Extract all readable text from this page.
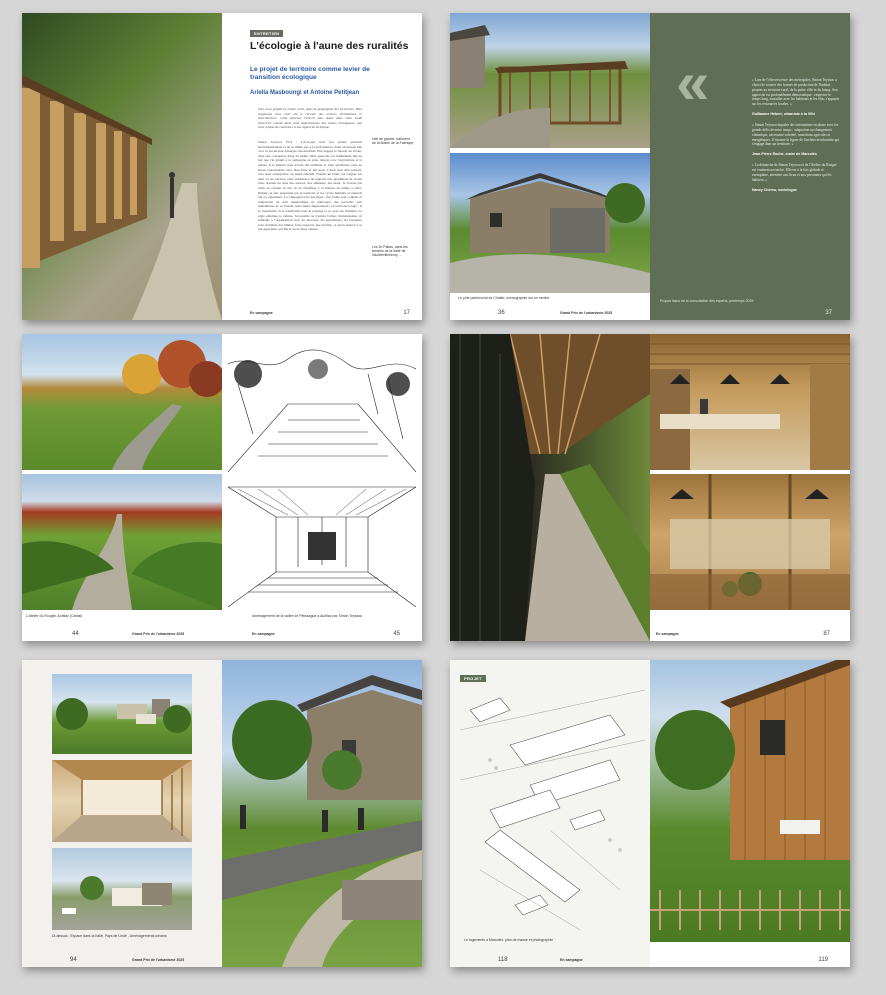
ENTRETIEN
L'écologie à l'aune des ruralités
Le projet de territoire comme levier de transition écologique
Ariella Masboungi et Antoine Petitjean
Vous avez grandi en milieu rural, dans la géographie des territoires. Bien longtemps vous avez été à l'écoute des acteurs d'urbanisme et d'architecture. Cette entrevue s'inscrit sans doute dans votre mode d'exercice comme dans votre appréhension des enjeux écologiques, que vous refusez de cantonner à une approche technique.
Simon Teyssou (ST) : L'écologie n'est pas qu'une question environnementale et ne se limite pas à la performance d'une enveloppe liée ou à la production d'énergie renouvelable. Elle engage le monde du vivant, dans une conception large du terme. Mon approche est intimement liée au fait que j'ai grandi à la campagne en prise directe avec l'agriculture et la nature. À la maison nous avions des animaux et, bien qu'enfants, nous en étions responsables avec mon frère et ma sœur. C'était pour mes parents, tous deux enseignants, un enjeu éducatif. Nourrir les bêtes, les soigner, les tenir ou les enclore, celle expérience de rapports très quotidiens au vivant nous donnait un sens des saisons, des éléments, des lieux. Je n'avais pas d'eau au robinet en été, ni de chauffage à la maison de temps à autre. Depuis, je suis passionné par le territoire et les cycles humains et naturels qui s'y expriment. La campagne n'est pas figée : des forêts sont coupées et remplacent ou sont transformées en pâturages, des parcelles sont remembrées et, se faisant, leurs haies disparaissent. Ce territoire bouge ; il se transforme. Il se transforme dans le paysage et ce, avec les hommes. La règle enferme, la culture, l'économie ou d'autres formes d'urbanisation. Je réfléchis à l'organisation avec les éleveurs, les agriculteurs, les forestiers pour stabiliser des limites, faire respecter une ruralité, ce qu'on réserve à ce qui appartient, qui fait le socle d'une culture.
Hall de gravier, bâtiment de la Mairie de la Fabrique
Les Dr Pallas, dans les terrains de la halle de Vaudrevillehenry ...
En campagne	17
Le pôle patrimonial de Chalier, scénographie sur un sentier
36	Grand Prix de l'urbanisme 2025
«	« Lors de l'effervescence des métropoles, Simon Teyssou a choisi de trouver des formes de production de l'habitat propres au territoire rural, de la petite ville et du bourg. Son approche est profondément démocratique : respecter le temps long, travailler avec les habitants et les élus, s'appuyer sur les ressources locales. »
Guillaume Hébert, urbaniste à la Ville
« Simon Teyssou impulse des orientations en phase avec les grands défis de notre temps : adaptation au changement climatique, nécessaire sobriété, transitions agricoles et énergétiques. Il incarne la figure de l'architecte-urbaniste qui s'engage dans un territoire. »
Jean-Pierre Roche, maire de Marcolès
« La démarche de Simon Teyssou et de l'Atelier du Rouget est vraiment novatrice. Elle est à la fois globale et exemplaire, attentive aux lieux et aux personnes qui les habitent. »
Nancy Chemu, sociologue
Propos issus de la consultation des experts, printemps 2025
37
L'Atelier du Rouget, Aurillac (Cantal)
44	Grand Prix de l'urbanisme 2025
Aménagement de la vallée de Pélissague à Aurillac par Simon Teyssou
En campagne	45	En campagne	87
Di-dessus : Espace dans la halle, Pays de Lindé - Aménagements urbains
94	Grand Prix de l'urbanisme 2025
PROJET
Le logements à Marcolès, plan de masse et photographie
118	En campagne	119
